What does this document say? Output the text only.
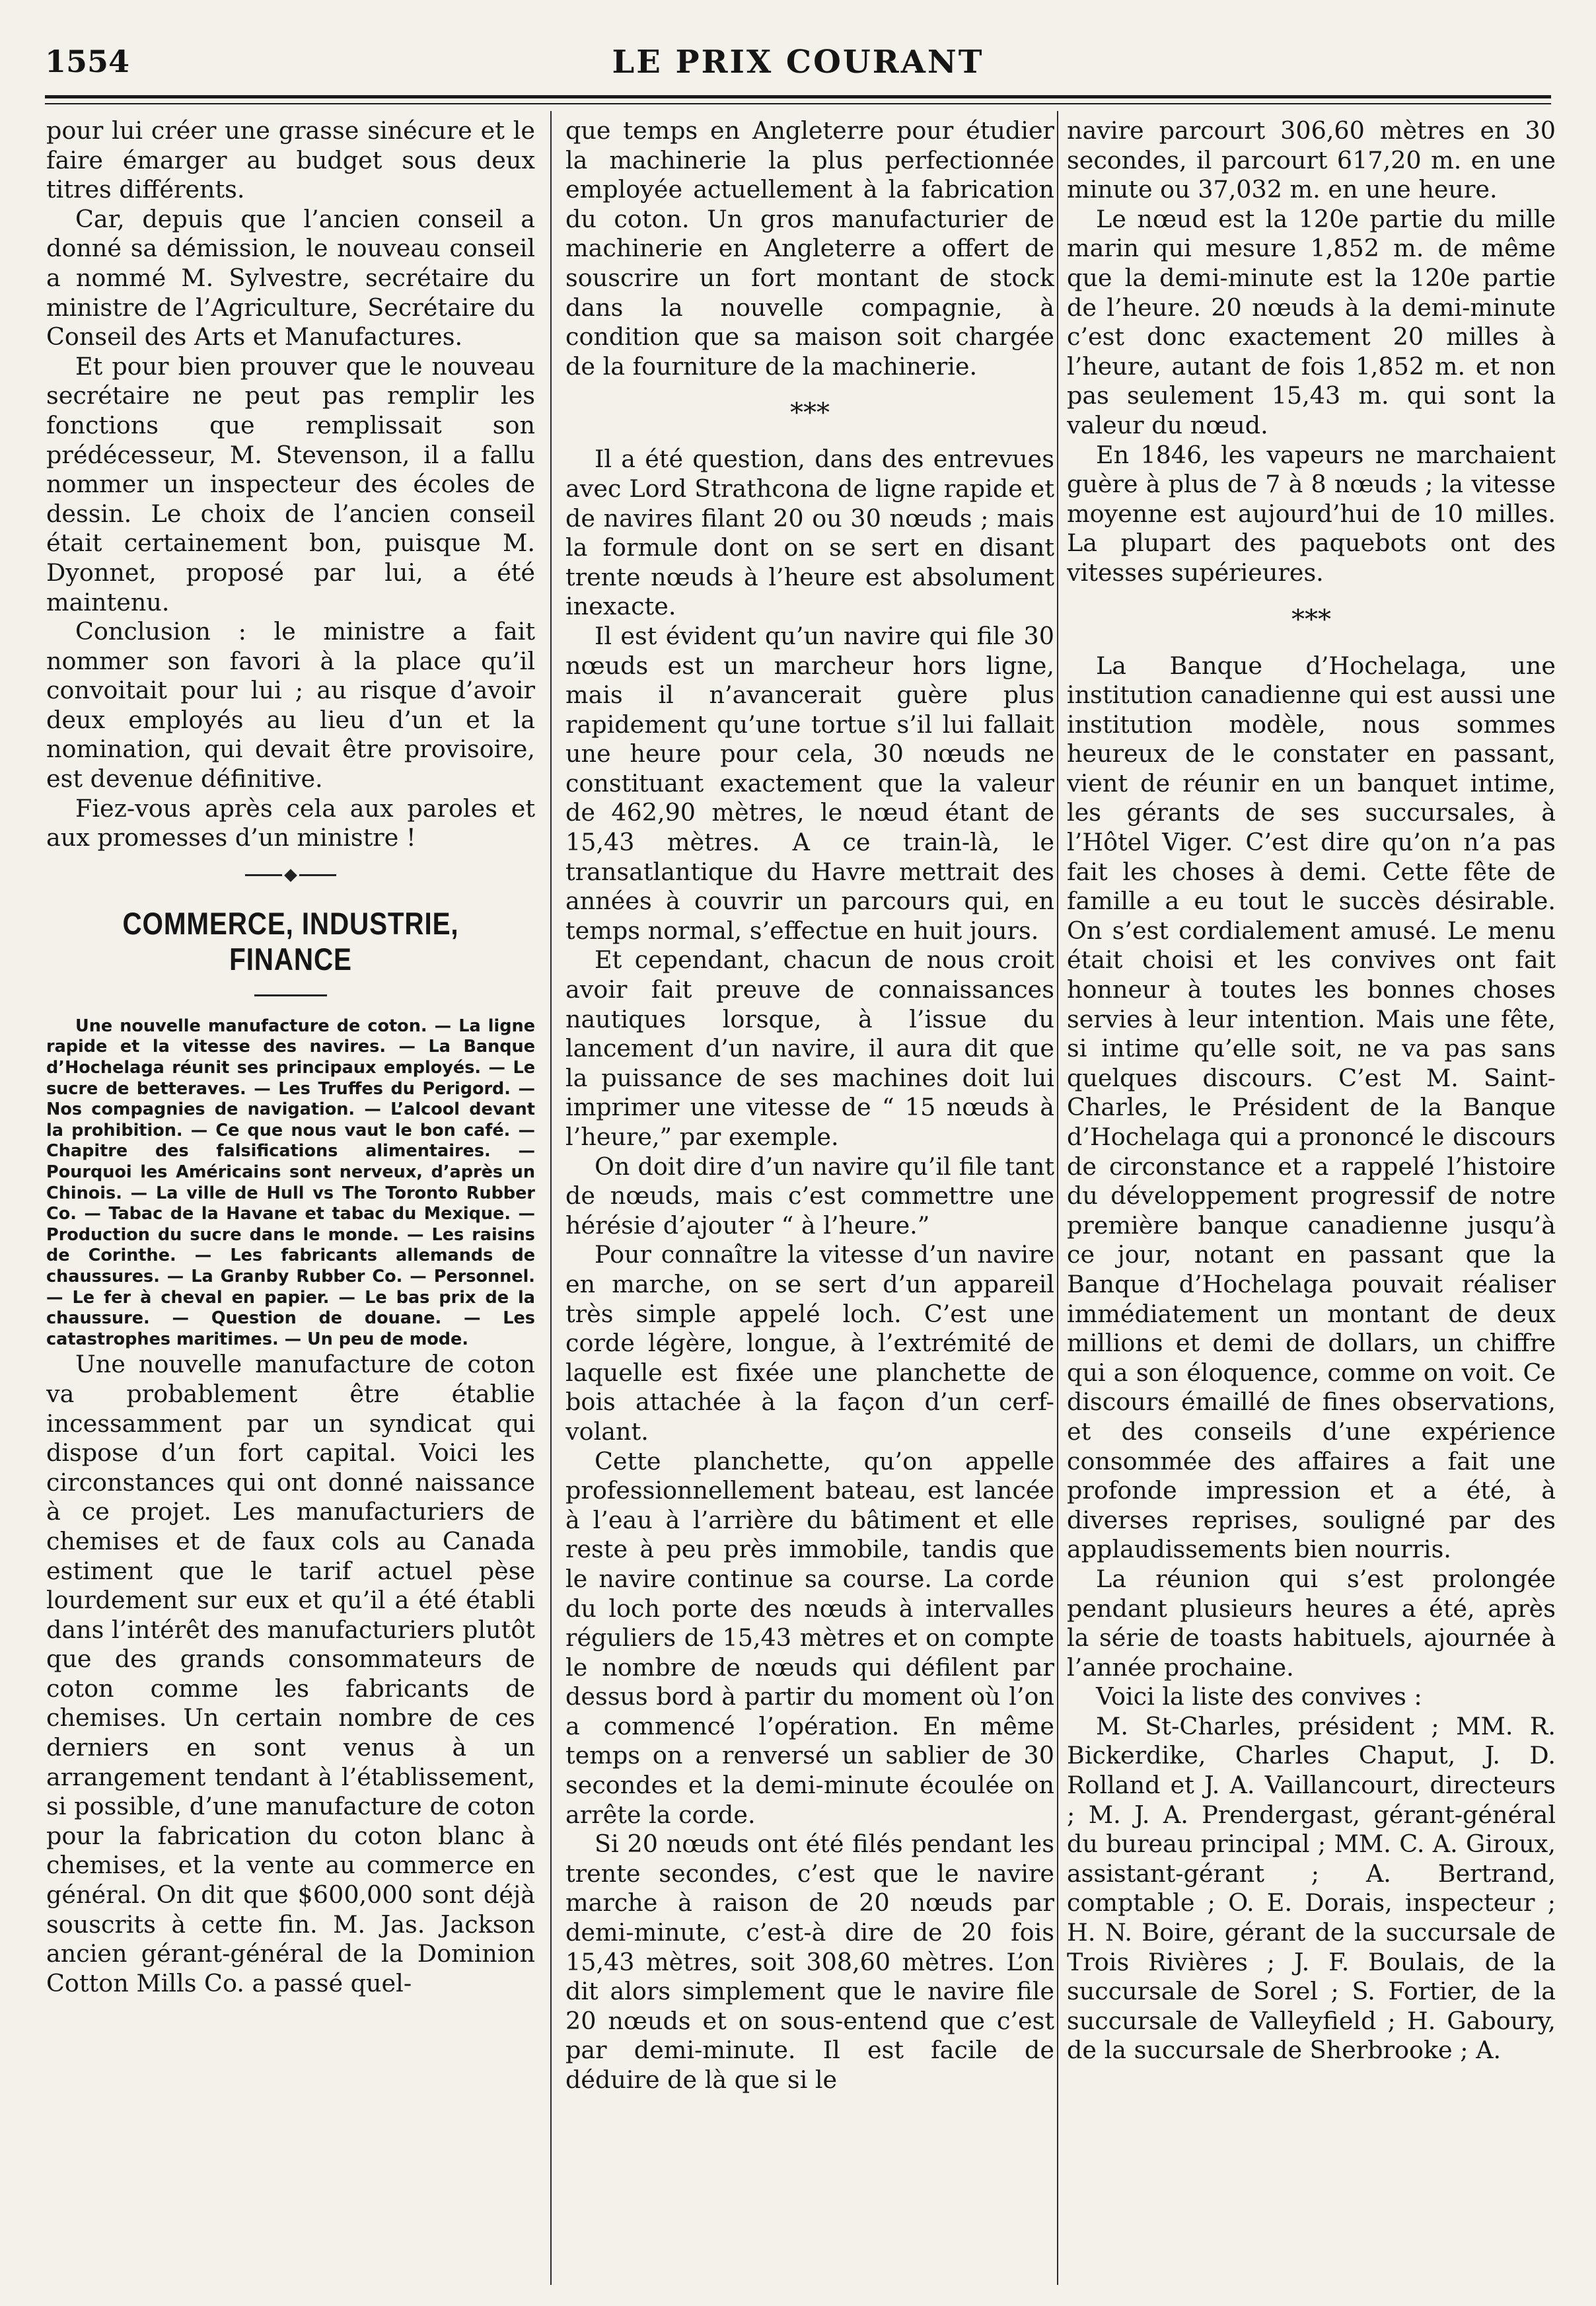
1554	LE PRIX COURANT

pour lui créer une grasse sinécure et le faire émarger au budget sous deux titres différents.

Car, depuis que l’ancien conseil a donné sa démission, le nouveau conseil a nommé M. Sylvestre, secrétaire du ministre de l’Agriculture, Secrétaire du Conseil des Arts et Manufactures.

Et pour bien prouver que le nouveau secrétaire ne peut pas remplir les fonctions que remplissait son prédécesseur, M. Stevenson, il a fallu nommer un inspecteur des écoles de dessin. Le choix de l’ancien conseil était certainement bon, puisque M. Dyonnet, proposé par lui, a été maintenu.

Conclusion : le ministre a fait nommer son favori à la place qu’il convoitait pour lui ; au risque d’avoir deux employés au lieu d’un et la nomination, qui devait être provisoire, est devenue définitive.

Fiez-vous après cela aux paroles et aux promesses d’un ministre !

COMMERCE, INDUSTRIE,
FINANCE

Une nouvelle manufacture de coton. — La ligne rapide et la vitesse des navires. — La Banque d’Hochelaga réunit ses principaux employés. — Le sucre de betteraves. — Les Truffes du Perigord. — Nos compagnies de navigation. — L’alcool devant la prohibition. — Ce que nous vaut le bon café. — Chapitre des falsifications alimentaires. — Pourquoi les Américains sont nerveux, d’après un Chinois. — La ville de Hull vs The Toronto Rubber Co. — Tabac de la Havane et tabac du Mexique. — Production du sucre dans le monde. — Les raisins de Corinthe. — Les fabricants allemands de chaussures. — La Granby Rubber Co. — Personnel. — Le fer à cheval en papier. — Le bas prix de la chaussure. — Question de douane. — Les catastrophes maritimes. — Un peu de mode.

Une nouvelle manufacture de coton va probablement être établie incessamment par un syndicat qui dispose d’un fort capital. Voici les circonstances qui ont donné naissance à ce projet. Les manufacturiers de chemises et de faux cols au Canada estiment que le tarif actuel pèse lourdement sur eux et qu’il a été établi dans l’intérêt des manufacturiers plutôt que des grands consommateurs de coton comme les fabricants de chemises. Un certain nombre de ces derniers en sont venus à un arrangement tendant à l’établissement, si possible, d’une manufacture de coton pour la fabrication du coton blanc à chemises, et la vente au commerce en général. On dit que $600,000 sont déjà souscrits à cette fin. M. Jas. Jackson ancien gérant-général de la Dominion Cotton Mills Co. a passé quel-

que temps en Angleterre pour étudier la machinerie la plus perfectionnée employée actuellement à la fabrication du coton. Un gros manufacturier de machinerie en Angleterre a offert de souscrire un fort montant de stock dans la nouvelle compagnie, à condition que sa maison soit chargée de la fourniture de la machinerie.

***

Il a été question, dans des entrevues avec Lord Strathcona de ligne rapide et de navires filant 20 ou 30 nœuds ; mais la formule dont on se sert en disant trente nœuds à l’heure est absolument inexacte.

Il est évident qu’un navire qui file 30 nœuds est un marcheur hors ligne, mais il n’avancerait guère plus rapidement qu’une tortue s’il lui fallait une heure pour cela, 30 nœuds ne constituant exactement que la valeur de 462,90 mètres, le nœud étant de 15,43 mètres. A ce train-là, le transatlantique du Havre mettrait des années à couvrir un parcours qui, en temps normal, s’effectue en huit jours.

Et cependant, chacun de nous croit avoir fait preuve de connaissances nautiques lorsque, à l’issue du lancement d’un navire, il aura dit que la puissance de ses machines doit lui imprimer une vitesse de “ 15 nœuds à l’heure,” par exemple.

On doit dire d’un navire qu’il file tant de nœuds, mais c’est commettre une hérésie d’ajouter “ à l’heure.”

Pour connaître la vitesse d’un navire en marche, on se sert d’un appareil très simple appelé loch. C’est une corde légère, longue, à l’extrémité de laquelle est fixée une planchette de bois attachée à la façon d’un cerf-volant.

Cette planchette, qu’on appelle professionnellement bateau, est lancée à l’eau à l’arrière du bâtiment et elle reste à peu près immobile, tandis que le navire continue sa course. La corde du loch porte des nœuds à intervalles réguliers de 15,43 mètres et on compte le nombre de nœuds qui défilent par dessus bord à partir du moment où l’on a commencé l’opération. En même temps on a renversé un sablier de 30 secondes et la demi-minute écoulée on arrête la corde.

Si 20 nœuds ont été filés pendant les trente secondes, c’est que le navire marche à raison de 20 nœuds par demi-minute, c’est-à dire de 20 fois 15,43 mètres, soit 308,60 mètres. L’on dit alors simplement que le navire file 20 nœuds et on sous-entend que c’est par demi-minute. Il est facile de déduire de là que si le

navire parcourt 306,60 mètres en 30 secondes, il parcourt 617,20 m. en une minute ou 37,032 m. en une heure.

Le nœud est la 120e partie du mille marin qui mesure 1,852 m. de même que la demi-minute est la 120e partie de l’heure. 20 nœuds à la demi-minute c’est donc exactement 20 milles à l’heure, autant de fois 1,852 m. et non pas seulement 15,43 m. qui sont la valeur du nœud.

En 1846, les vapeurs ne marchaient guère à plus de 7 à 8 nœuds ; la vitesse moyenne est aujourd’hui de 10 milles. La plupart des paquebots ont des vitesses supérieures.

***

La Banque d’Hochelaga, une institution canadienne qui est aussi une institution modèle, nous sommes heureux de le constater en passant, vient de réunir en un banquet intime, les gérants de ses succursales, à l’Hôtel Viger. C’est dire qu’on n’a pas fait les choses à demi. Cette fête de famille a eu tout le succès désirable. On s’est cordialement amusé. Le menu était choisi et les convives ont fait honneur à toutes les bonnes choses servies à leur intention. Mais une fête, si intime qu’elle soit, ne va pas sans quelques discours. C’est M. Saint-Charles, le Président de la Banque d’Hochelaga qui a prononcé le discours de circonstance et a rappelé l’histoire du développement progressif de notre première banque canadienne jusqu’à ce jour, notant en passant que la Banque d’Hochelaga pouvait réaliser immédiatement un montant de deux millions et demi de dollars, un chiffre qui a son éloquence, comme on voit. Ce discours émaillé de fines observations, et des conseils d’une expérience consommée des affaires a fait une profonde impression et a été, à diverses reprises, souligné par des applaudissements bien nourris.

La réunion qui s’est prolongée pendant plusieurs heures a été, après la série de toasts habituels, ajournée à l’année prochaine.

Voici la liste des convives :

M. St-Charles, président ; MM. R. Bickerdike, Charles Chaput, J. D. Rolland et J. A. Vaillancourt, directeurs ; M. J. A. Prendergast, gérant-général du bureau principal ; MM. C. A. Giroux, assistant-gérant ; A. Bertrand, comptable ; O. E. Dorais, inspecteur ; H. N. Boire, gérant de la succursale de Trois Rivières ; J. F. Boulais, de la succursale de Sorel ; S. Fortier, de la succursale de Valleyfield ; H. Gaboury, de la succursale de Sherbrooke ; A.
